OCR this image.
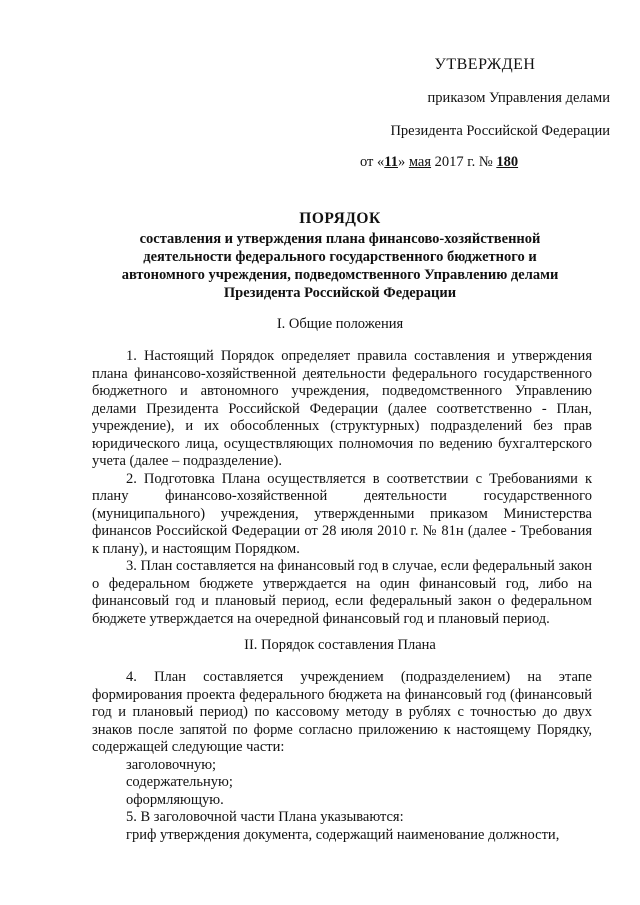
УТВЕРЖДЕН
приказом Управления делами
Президента Российской Федерации
от «11» мая 2017 г. № 180
ПОРЯДОК
составления и утверждения плана финансово-хозяйственной
деятельности федерального государственного бюджетного и
автономного учреждения, подведомственного Управлению делами
Президента Российской Федерации
I. Общие положения

1. Настоящий Порядок определяет правила составления и утверждения плана финансово-хозяйственной деятельности федерального государственного бюджетного и автономного учреждения, подведомственного Управлению делами Президента Российской Федерации (далее соответственно - План, учреждение), и их обособленных (структурных) подразделений без прав юридического лица, осуществляющих полномочия по ведению бухгалтерского учета (далее – подразделение).

2. Подготовка Плана осуществляется в соответствии с Требованиями к плану финансово-хозяйственной деятельности государственного (муниципального) учреждения, утвержденными приказом Министерства финансов Российской Федерации от 28 июля 2010 г. № 81н (далее - Требования к плану), и настоящим Порядком.

3. План составляется на финансовый год в случае, если федеральный закон о федеральном бюджете утверждается на один финансовый год, либо на финансовый год и плановый период, если федеральный закон о федеральном бюджете утверждается на очередной финансовый год и плановый период.

II. Порядок составления Плана

4. План составляется учреждением (подразделением) на этапе формирования проекта федерального бюджета на финансовый год (финансовый год и плановый период) по кассовому методу в рублях с точностью до двух знаков после запятой по форме согласно приложению к настоящему Порядку, содержащей следующие части:

заголовочную;

содержательную;

оформляющую.

5. В заголовочной части Плана указываются:

гриф утверждения документа, содержащий наименование должности,
